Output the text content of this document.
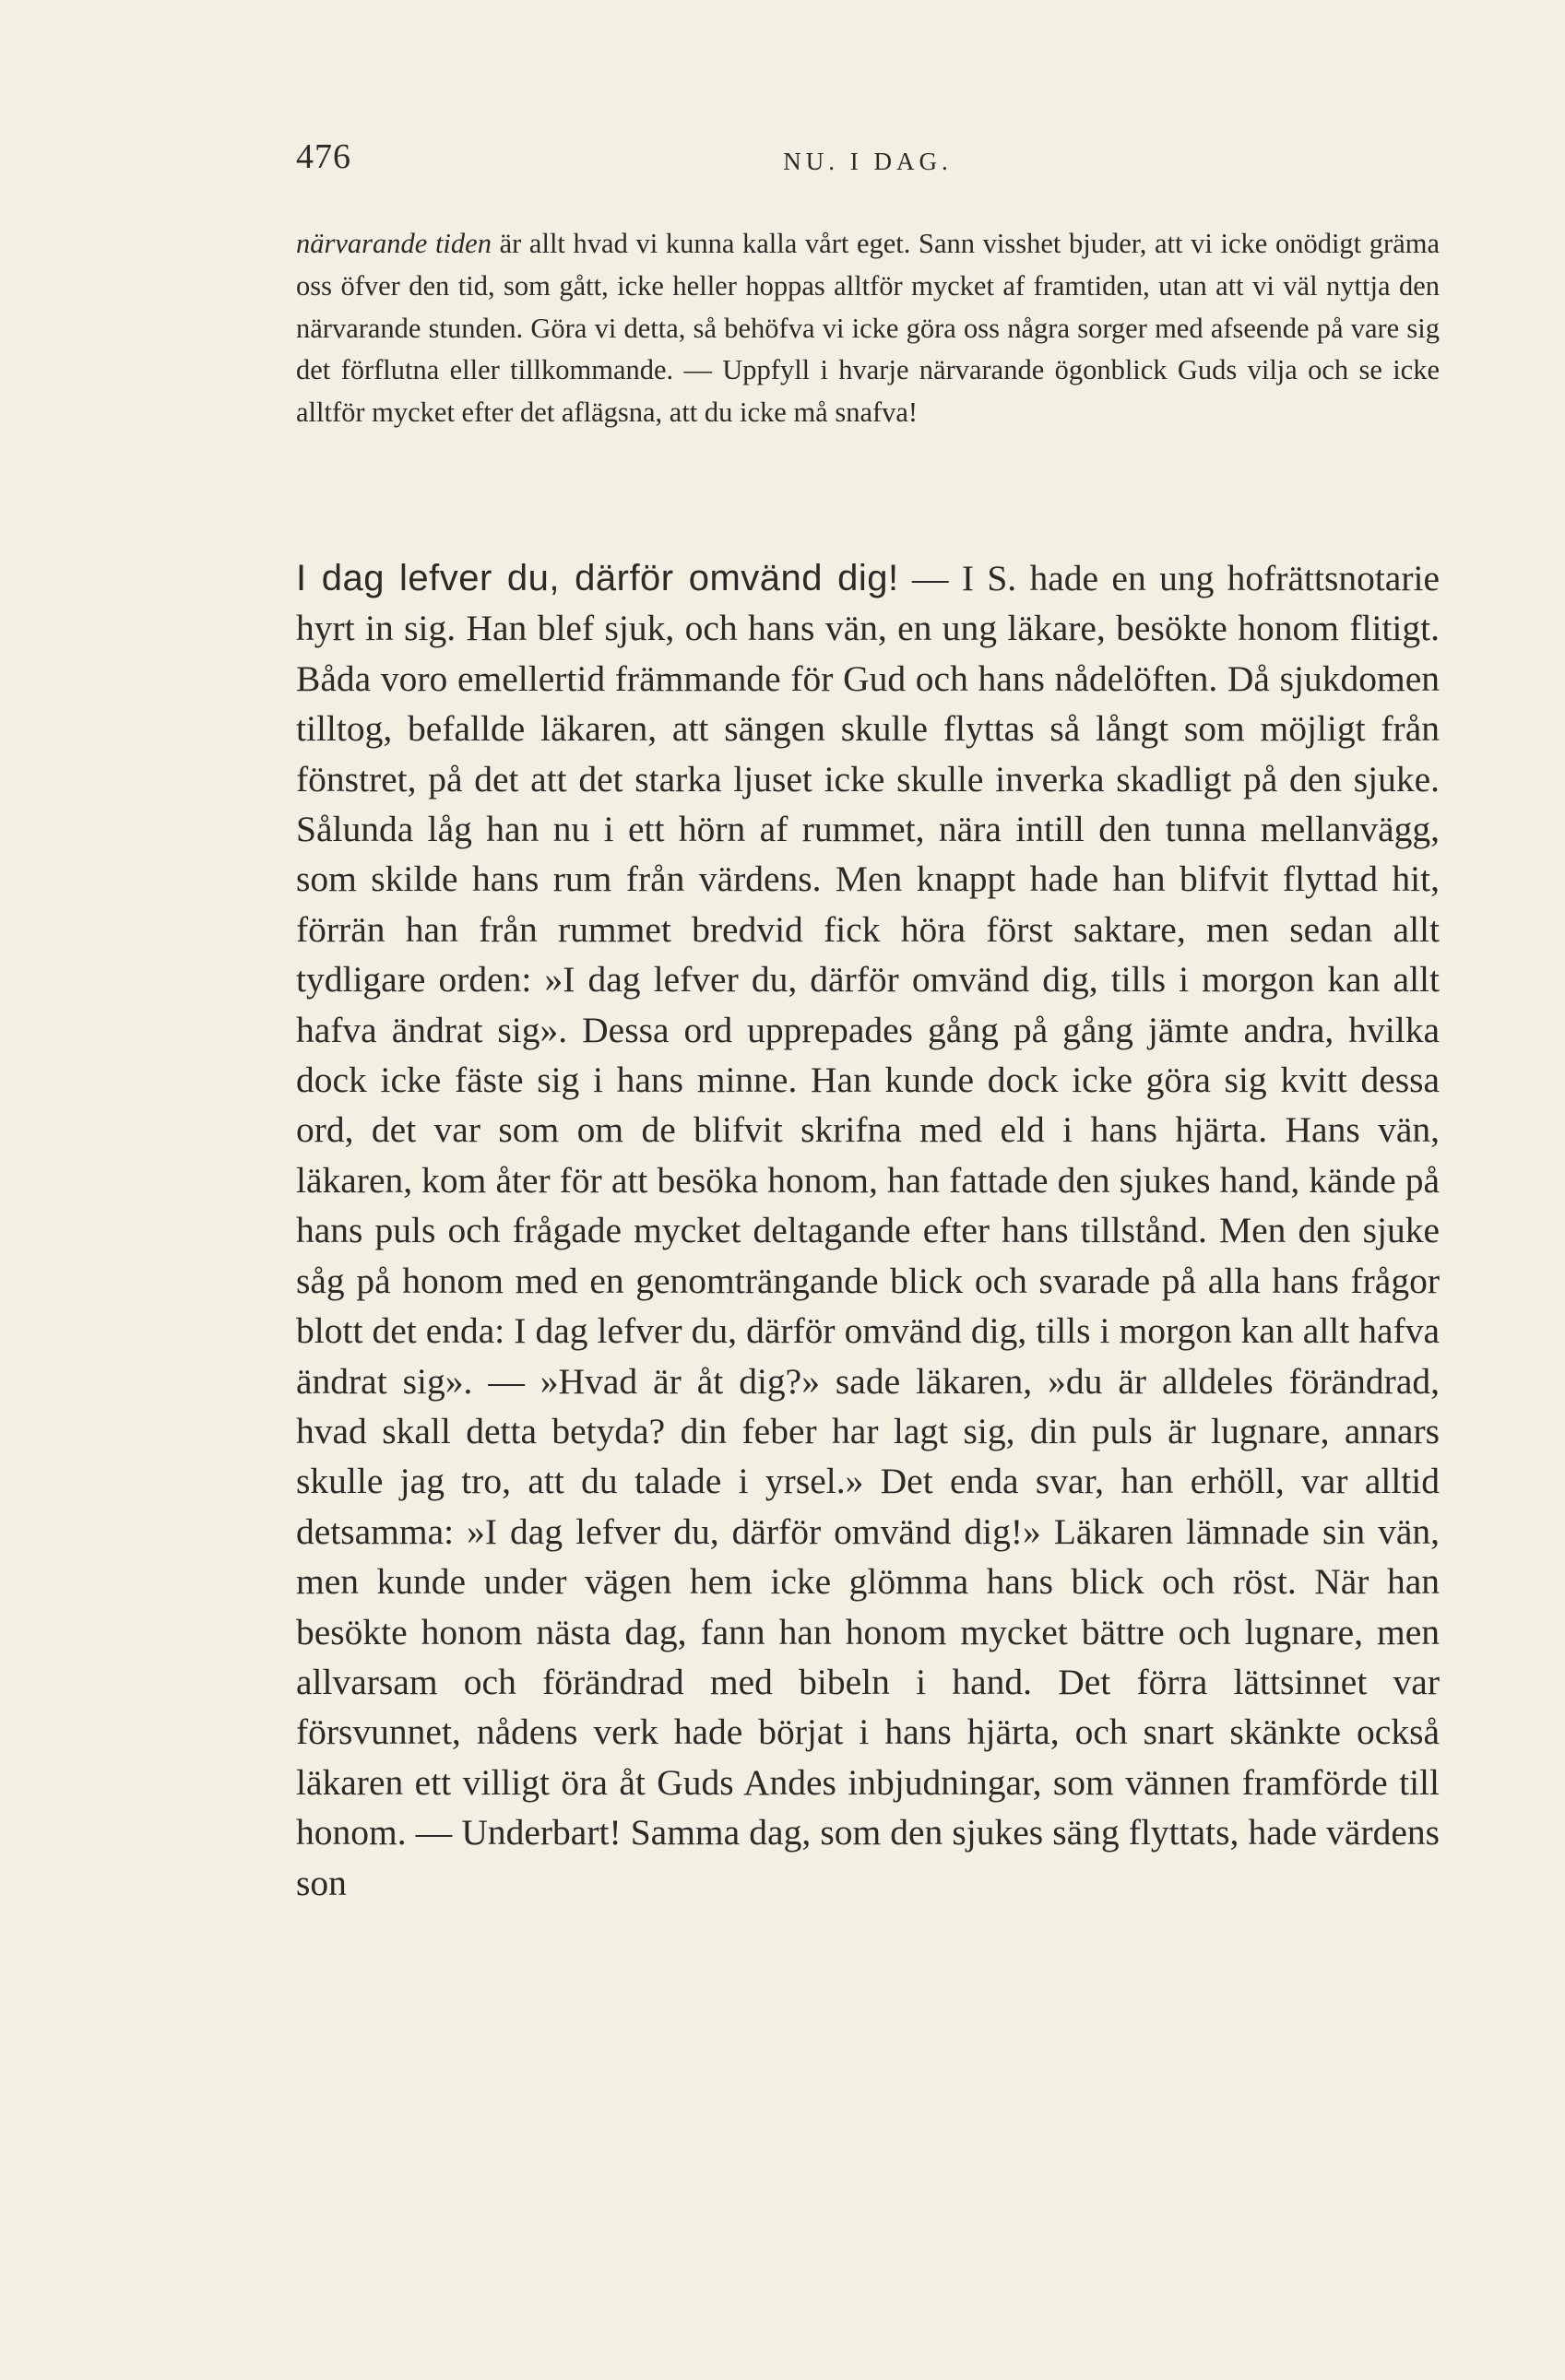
476	NU. I DAG.

närvarande tiden är allt hvad vi kunna kalla vårt eget. Sann visshet bjuder, att vi icke onödigt gräma oss öfver den tid, som gått, icke heller hoppas alltför mycket af framtiden, utan att vi väl nyttja den närvarande stunden. Göra vi detta, så behöfva vi icke göra oss några sorger med afseende på vare sig det förflutna eller tillkommande. — Uppfyll i hvarje närvarande ögonblick Guds vilja och se icke alltför mycket efter det aflägsna, att du icke må snafva!

I dag lefver du, därför omvänd dig! — I S. hade en ung hofrättsnotarie hyrt in sig. Han blef sjuk, och hans vän, en ung läkare, besökte honom flitigt. Båda voro emellertid främmande för Gud och hans nådelöften. Då sjukdomen tilltog, befallde läkaren, att sängen skulle flyttas så långt som möjligt från fönstret, på det att det starka ljuset icke skulle inverka skadligt på den sjuke. Sålunda låg han nu i ett hörn af rummet, nära intill den tunna mellanvägg, som skilde hans rum från värdens. Men knappt hade han blifvit flyttad hit, förrän han från rummet bredvid fick höra först saktare, men sedan allt tydligare orden: »I dag lefver du, därför omvänd dig, tills i morgon kan allt hafva ändrat sig». Dessa ord upprepades gång på gång jämte andra, hvilka dock icke fäste sig i hans minne. Han kunde dock icke göra sig kvitt dessa ord, det var som om de blifvit skrifna med eld i hans hjärta. Hans vän, läkaren, kom åter för att besöka honom, han fattade den sjukes hand, kände på hans puls och frågade mycket deltagande efter hans tillstånd. Men den sjuke såg på honom med en genomträngande blick och svarade på alla hans frågor blott det enda: I dag lefver du, därför omvänd dig, tills i morgon kan allt hafva ändrat sig». — »Hvad är åt dig?» sade läkaren, »du är alldeles förändrad, hvad skall detta betyda? din feber har lagt sig, din puls är lugnare, annars skulle jag tro, att du talade i yrsel.» Det enda svar, han erhöll, var alltid detsamma: »I dag lefver du, därför omvänd dig!» Läkaren lämnade sin vän, men kunde under vägen hem icke glömma hans blick och röst. När han besökte honom nästa dag, fann han honom mycket bättre och lugnare, men allvarsam och förändrad med bibeln i hand. Det förra lättsinnet var försvunnet, nådens verk hade börjat i hans hjärta, och snart skänkte också läkaren ett villigt öra åt Guds Andes inbjudningar, som vännen framförde till honom. — Underbart! Samma dag, som den sjukes säng flyttats, hade värdens son
